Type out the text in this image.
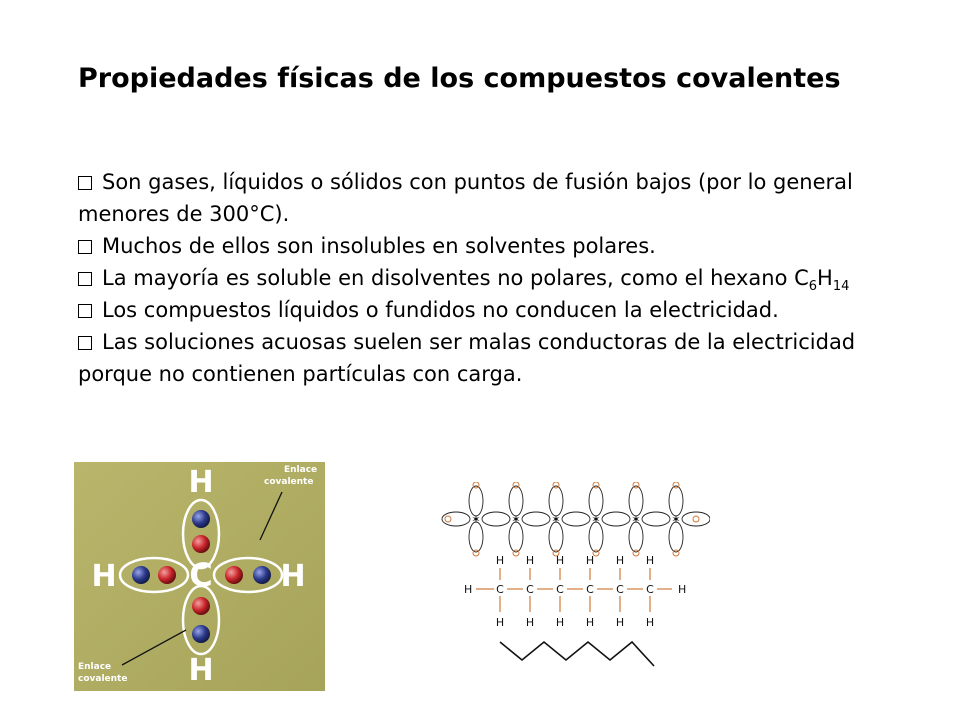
Propiedades físicas de los compuestos covalentes
Son gases, líquidos o sólidos con puntos de fusión bajos (por lo general menores de 300°C).
Muchos de ellos son insolubles en solventes polares.
La mayoría es soluble en disolventes no polares, como el hexano $C_6H_{14}$
Los compuestos líquidos o fundidos no conducen la electricidad.
Las soluciones acuosas suelen ser malas conductoras de la electricidad porque no contienen partículas con carga.
H
C
H
H	H
Enlace
covalente
Enlace
covalente
✶	✶	✶	✶	✶	✶
H C
H
H
C
H
H
C
H
H
C
H
H
C
H
H
C
H
H
H
